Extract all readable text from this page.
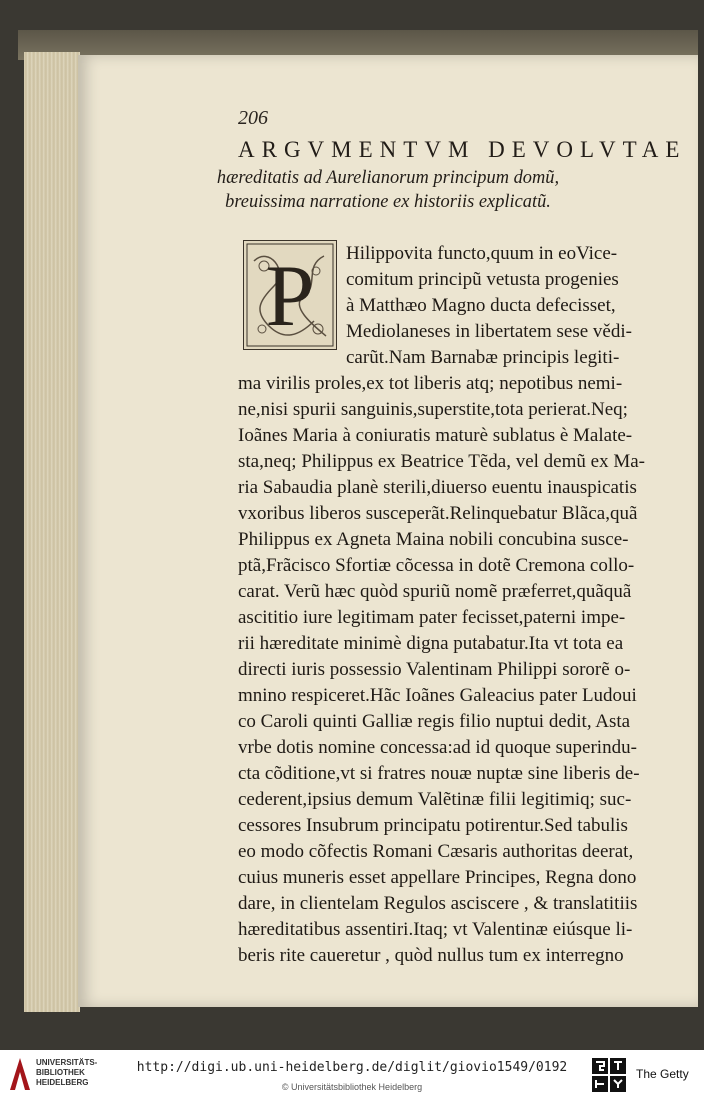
206
ARGVMENTVM DEVOLVTAE
hæreditatis ad Aurelianorum principum domũ,
breuissima narratione ex historiis explicatũ.
P Hilippovita functo,quum in eoVice-
comitum principũ vetusta progenies
à Matthæo Magno ducta defecisset,
Mediolaneses in libertatem sese vědi-
carũt.Nam Barnabæ principis legiti-
ma virilis proles,ex tot liberis atq; nepotibus nemi-
ne,nisi spurii sanguinis,superstite,tota perierat.Neq;
Ioãnes Maria à coniuratis maturè sublatus è Malate-
sta,neq; Philippus ex Beatrice Tẽda, vel demũ ex Ma-
ria Sabaudia planè sterili,diuerso euentu inauspicatis
vxoribus liberos susceperãt.Relinquebatur Blãca,quã
Philippus ex Agneta Maina nobili concubina susce-
ptã,Frãcisco Sfortiæ cõcessa in dotẽ Cremona collo-
carat. Verũ hæc quòd spuriũ nomẽ præferret,quãquã
ascititio iure legitimam pater fecisset,paterni impe-
rii hæreditate minimè digna putabatur.Ita vt tota ea
directi iuris possessio Valentinam Philippi sororẽ o-
mnino respiceret.Hãc Ioãnes Galeacius pater Ludoui
co Caroli quinti Galliæ regis filio nuptui dedit, Asta
vrbe dotis nomine concessa:ad id quoque superindu-
cta cõditione,vt si fratres nouæ nuptæ sine liberis de-
cederent,ipsius demum Valẽtinæ filii legitimiq; suc-
cessores Insubrum principatu potirentur.Sed tabulis
eo modo cõfectis Romani Cæsaris authoritas deerat,
cuius muneris esset appellare Principes, Regna dono
dare, in clientelam Regulos asciscere , & translatitiis
hæreditatibus assentiri.Itaq; vt Valentinæ eiúsque li-
beris rite caueretur , quòd nullus tum ex interregno
UNIVERSITÄTS-
BIBLIOTHEK
HEIDELBERG
http://digi.ub.uni-heidelberg.de/diglit/giovio1549/0192
© Universitätsbibliothek Heidelberg
The Getty
